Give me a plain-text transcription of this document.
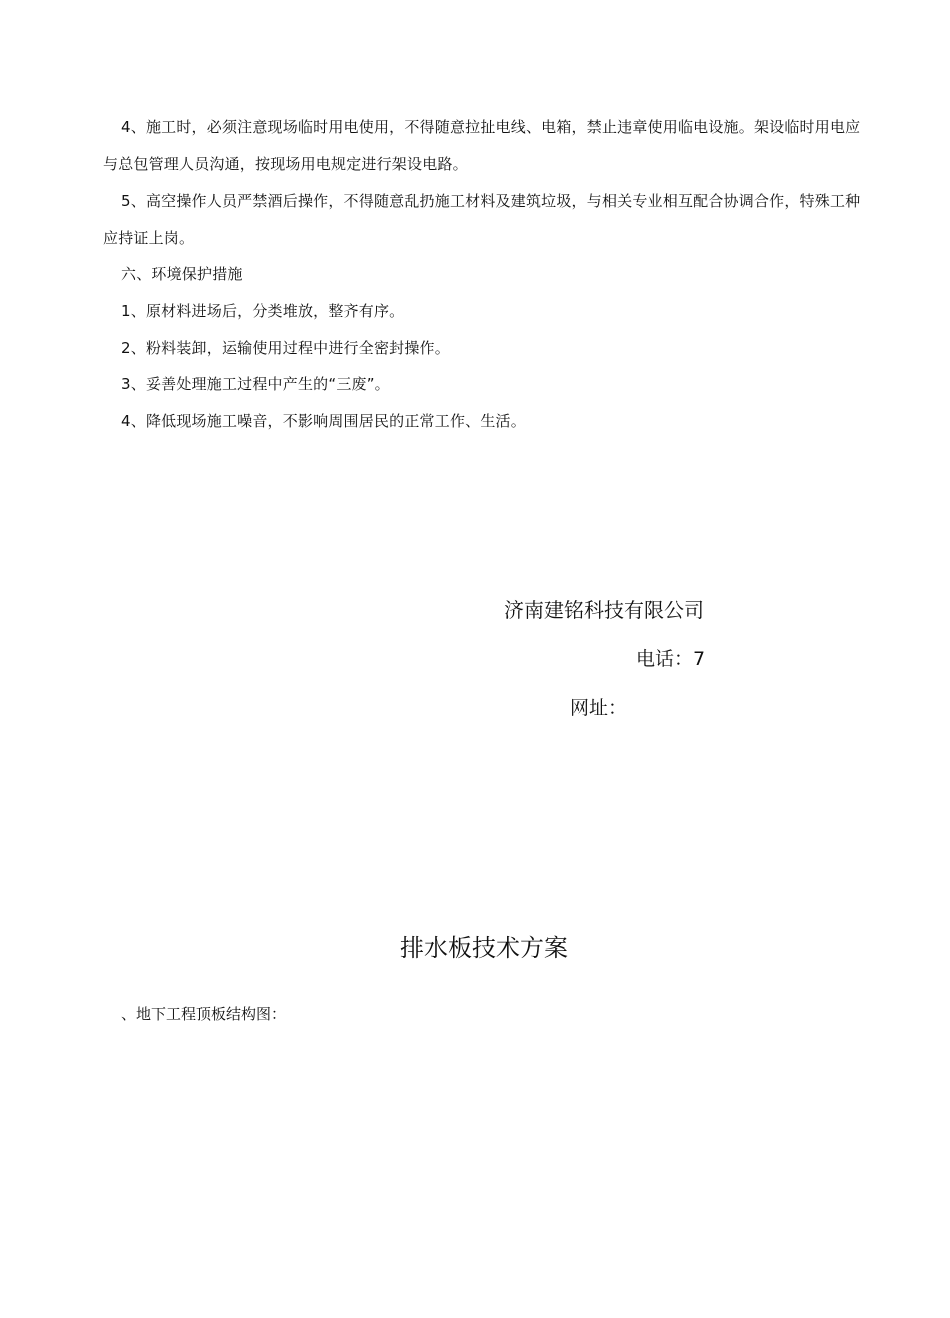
4、施工时，必须注意现场临时用电使用，不得随意拉扯电线、电箱，禁止违章使用临电设施。架设临时用电应与总包管理人员沟通，按现场用电规定进行架设电路。

5、高空操作人员严禁酒后操作，不得随意乱扔施工材料及建筑垃圾，与相关专业相互配合协调合作，特殊工种应持证上岗。

六、环境保护措施

1、原材料进场后，分类堆放，整齐有序。

2、粉料装卸，运输使用过程中进行全密封操作。

3、妥善处理施工过程中产生的“三废”。

4、降低现场施工噪音，不影响周围居民的正常工作、生活。

济南建铭科技有限公司

电话：7

网址：

排水板技术方案

、地下工程顶板结构图：
